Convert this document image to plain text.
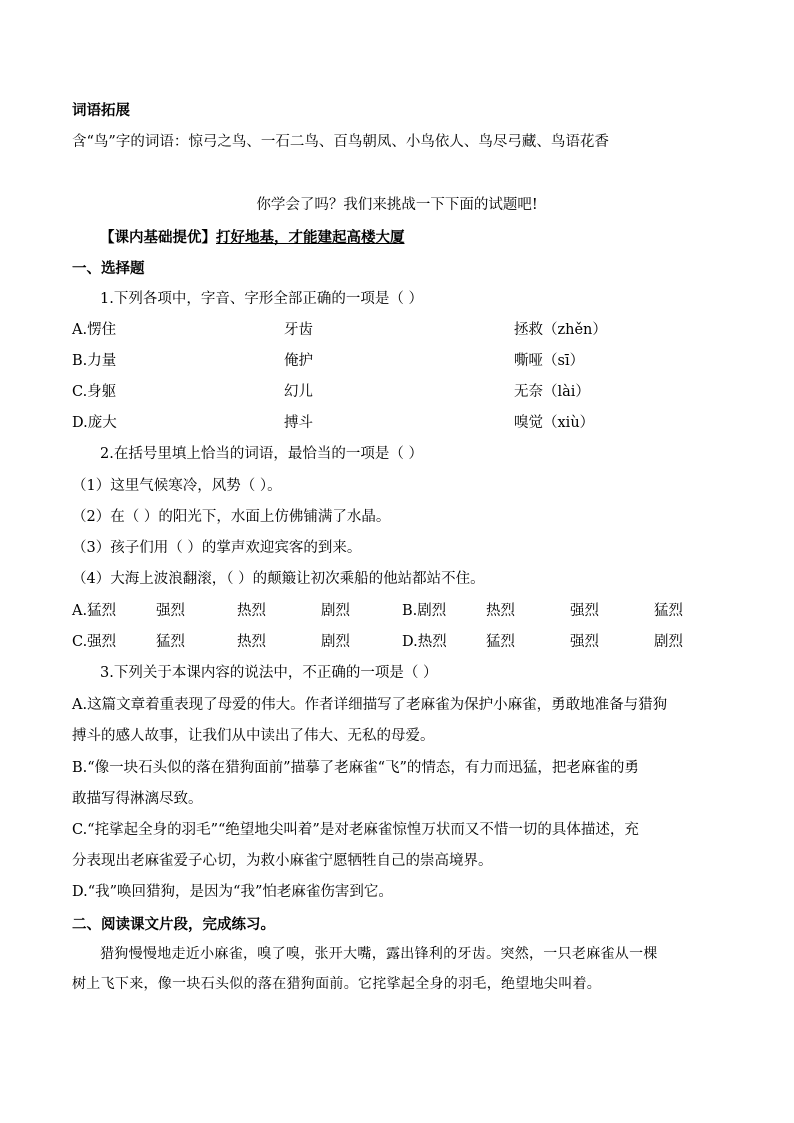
词语拓展
含“鸟”字的词语：惊弓之鸟、一石二鸟、百鸟朝凤、小鸟依人、鸟尽弓藏、鸟语花香
你学会了吗？我们来挑战一下下面的试题吧!
【课内基础提优】打好地基，才能建起高楼大厦
一、选择题
1.下列各项中，字音、字形全部正确的一项是（ ）
A.愣住	牙齿	拯救（zhěn）
B.力量	俺护	嘶哑（sī）
C.身躯	幻儿	无奈（lài）
D.庞大	搏斗	嗅觉（xiù）
2.在括号里填上恰当的词语，最恰当的一项是（ ）
（1）这里气候寒冷，风势（ ）。
（2）在（ ）的阳光下，水面上仿佛铺满了水晶。
（3）孩子们用（ ）的掌声欢迎宾客的到来。
（4）大海上波浪翻滚，（ ）的颠簸让初次乘船的他站都站不住。
A.猛烈	强烈	热烈	剧烈	B.剧烈	热烈	强烈	猛烈
C.强烈	猛烈	热烈	剧烈	D.热烈	猛烈	强烈	剧烈
3.下列关于本课内容的说法中，不正确的一项是（ ）
A.这篇文章着重表现了母爱的伟大。作者详细描写了老麻雀为保护小麻雀，勇敢地准备与猎狗
搏斗的感人故事，让我们从中读出了伟大、无私的母爱。
B.“像一块石头似的落在猎狗面前”描摹了老麻雀“飞”的情态，有力而迅猛，把老麻雀的勇
敢描写得淋漓尽致。
C.“挓挲起全身的羽毛”“绝望地尖叫着”是对老麻雀惊惶万状而又不惜一切的具体描述，充
分表现出老麻雀爱子心切，为救小麻雀宁愿牺牲自己的崇高境界。
D.“我”唤回猎狗，是因为“我”怕老麻雀伤害到它。
二、阅读课文片段，完成练习。
猎狗慢慢地走近小麻雀，嗅了嗅，张开大嘴，露出锋利的牙齿。突然，一只老麻雀从一棵
树上飞下来，像一块石头似的落在猎狗面前。它挓挲起全身的羽毛，绝望地尖叫着。
